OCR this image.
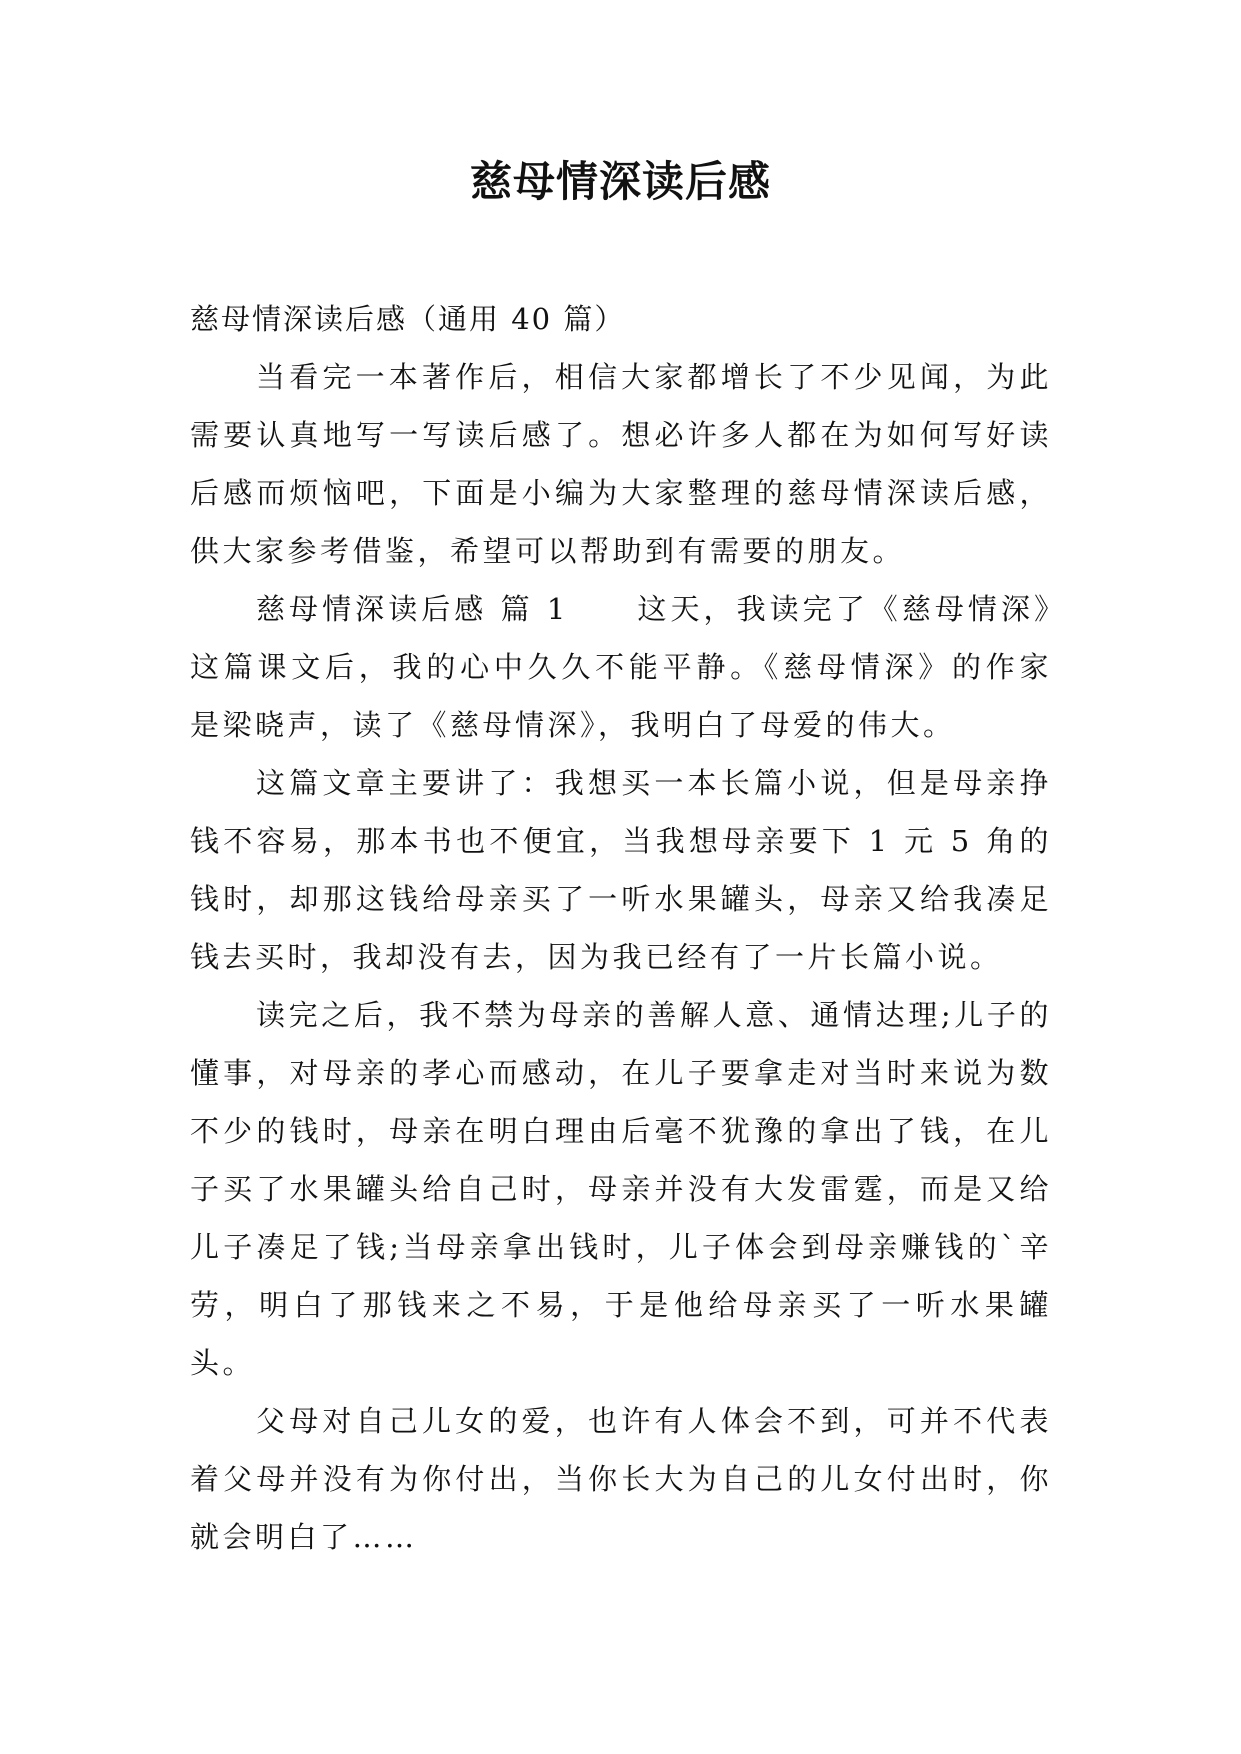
慈母情深读后感

慈母情深读后感（通用 40 篇）

当看完一本著作后，相信大家都增长了不少见闻，为此需要认真地写一写读后感了。想必许多人都在为如何写好读后感而烦恼吧，下面是小编为大家整理的慈母情深读后感，供大家参考借鉴，希望可以帮助到有需要的朋友。

慈母情深读后感 篇 1 这天，我读完了《慈母情深》这篇课文后，我的心中久久不能平静。《慈母情深》的作家是梁晓声，读了《慈母情深》，我明白了母爱的伟大。

这篇文章主要讲了：我想买一本长篇小说，但是母亲挣钱不容易，那本书也不便宜，当我想母亲要下 1 元 5 角的钱时，却那这钱给母亲买了一听水果罐头，母亲又给我凑足钱去买时，我却没有去，因为我已经有了一片长篇小说。

读完之后，我不禁为母亲的善解人意、通情达理;儿子的懂事，对母亲的孝心而感动，在儿子要拿走对当时来说为数不少的钱时，母亲在明白理由后毫不犹豫的拿出了钱，在儿子买了水果罐头给自己时，母亲并没有大发雷霆，而是又给儿子凑足了钱;当母亲拿出钱时，儿子体会到母亲赚钱的`辛劳，明白了那钱来之不易，于是他给母亲买了一听水果罐头。

父母对自己儿女的爱，也许有人体会不到，可并不代表着父母并没有为你付出，当你长大为自己的儿女付出时，你就会明白了……
